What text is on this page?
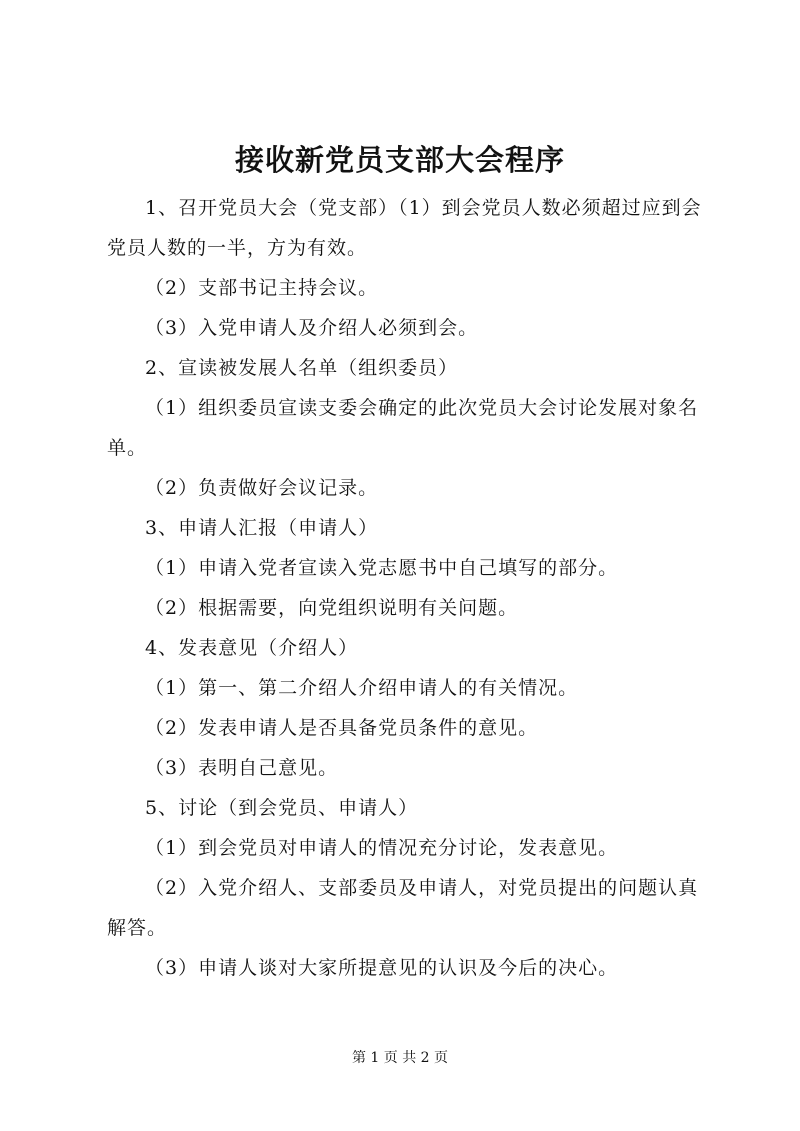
接收新党员支部大会程序

1、召开党员大会（党支部）（1）到会党员人数必须超过应到会党员人数的一半，方为有效。

（2）支部书记主持会议。

（3）入党申请人及介绍人必须到会。

2、宣读被发展人名单（组织委员）

（1）组织委员宣读支委会确定的此次党员大会讨论发展对象名单。

（2）负责做好会议记录。

3、申请人汇报（申请人）

（1）申请入党者宣读入党志愿书中自己填写的部分。

（2）根据需要，向党组织说明有关问题。

4、发表意见（介绍人）

（1）第一、第二介绍人介绍申请人的有关情况。

（2）发表申请人是否具备党员条件的意见。

（3）表明自己意见。

5、讨论（到会党员、申请人）

（1）到会党员对申请人的情况充分讨论，发表意见。

（2）入党介绍人、支部委员及申请人，对党员提出的问题认真解答。

（3）申请人谈对大家所提意见的认识及今后的决心。

第 1 页 共 2 页
